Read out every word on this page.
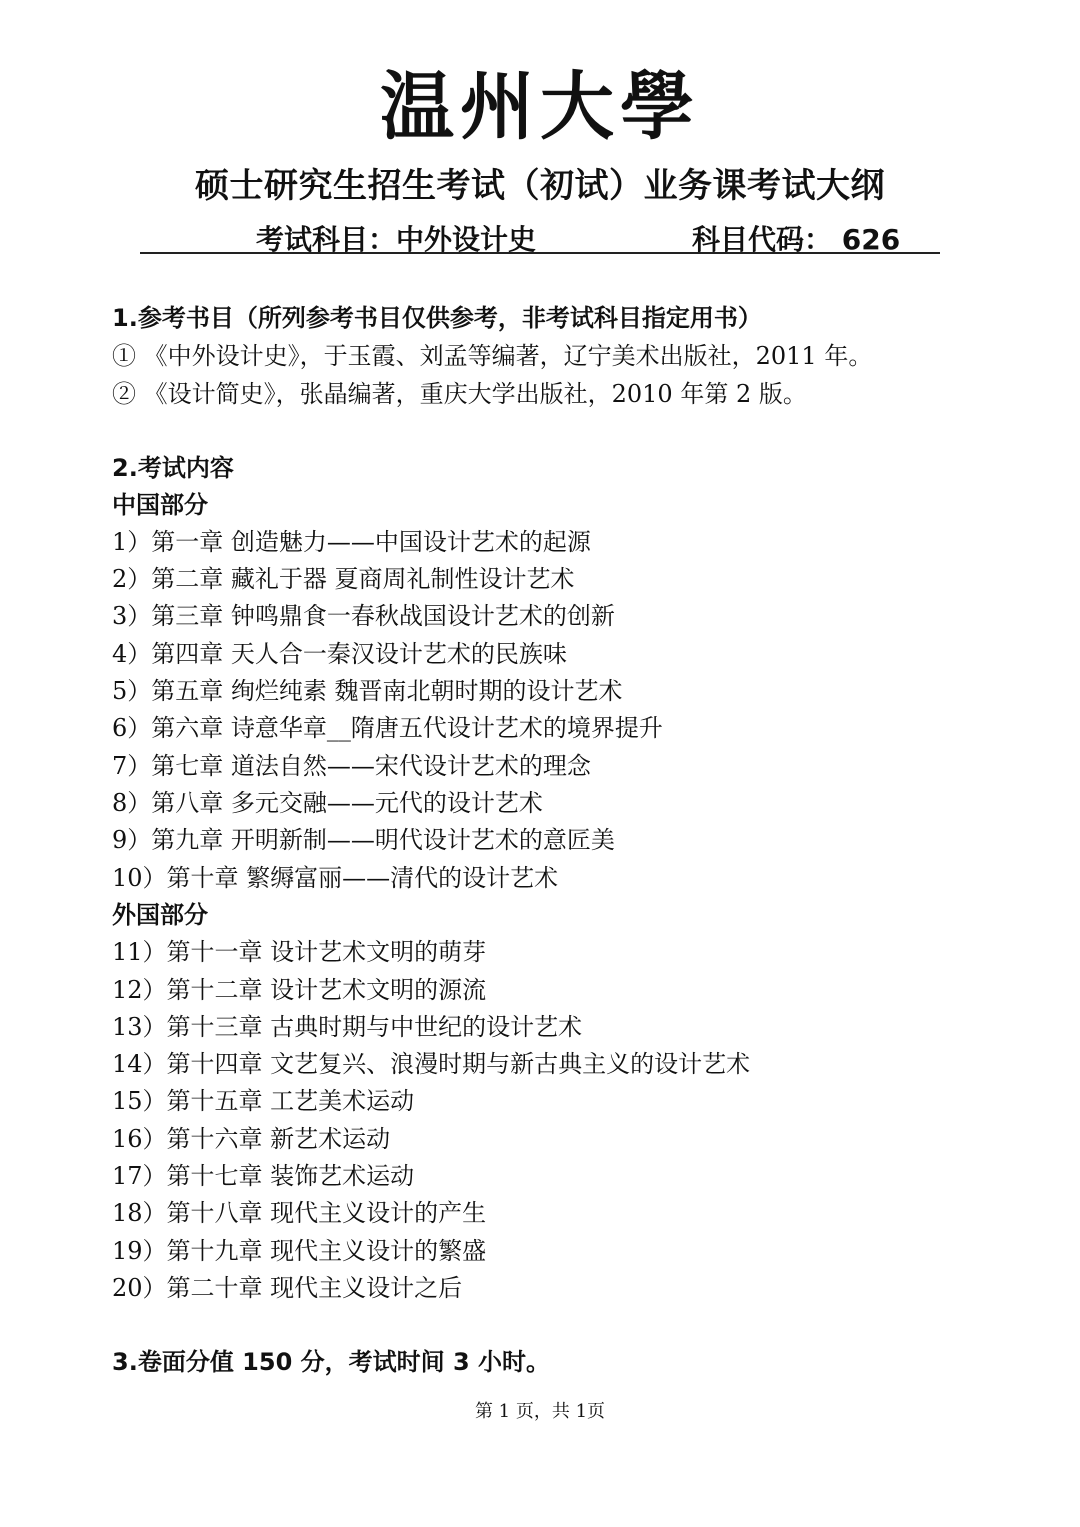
温州大學
硕士研究生招生考试（初试）业务课考试大纲
考试科目：中外设计史	科目代码： 626
1.参考书目（所列参考书目仅供参考，非考试科目指定用书）
① 《中外设计史》，于玉霞、刘孟等编著，辽宁美术出版社，2011 年。
② 《设计简史》，张晶编著，重庆大学出版社，2010 年第 2 版。
2.考试内容
中国部分
1）第一章 创造魅力——中国设计艺术的起源
2）第二章 藏礼于器 夏商周礼制性设计艺术
3）第三章 钟鸣鼎食一春秋战国设计艺术的创新
4）第四章 天人合一秦汉设计艺术的民族味
5）第五章 绚烂纯素 魏晋南北朝时期的设计艺术
6）第六章 诗意华章__隋唐五代设计艺术的境界提升
7）第七章 道法自然——宋代设计艺术的理念
8）第八章 多元交融——元代的设计艺术
9）第九章 开明新制——明代设计艺术的意匠美
10）第十章 繁缛富丽——清代的设计艺术
外国部分
11）第十一章 设计艺术文明的萌芽
12）第十二章 设计艺术文明的源流
13）第十三章 古典时期与中世纪的设计艺术
14）第十四章 文艺复兴、浪漫时期与新古典主义的设计艺术
15）第十五章 工艺美术运动
16）第十六章 新艺术运动
17）第十七章 装饰艺术运动
18）第十八章 现代主义设计的产生
19）第十九章 现代主义设计的繁盛
20）第二十章 现代主义设计之后
3.卷面分值 150 分，考试时间 3 小时。
第 1 页，共 1页
